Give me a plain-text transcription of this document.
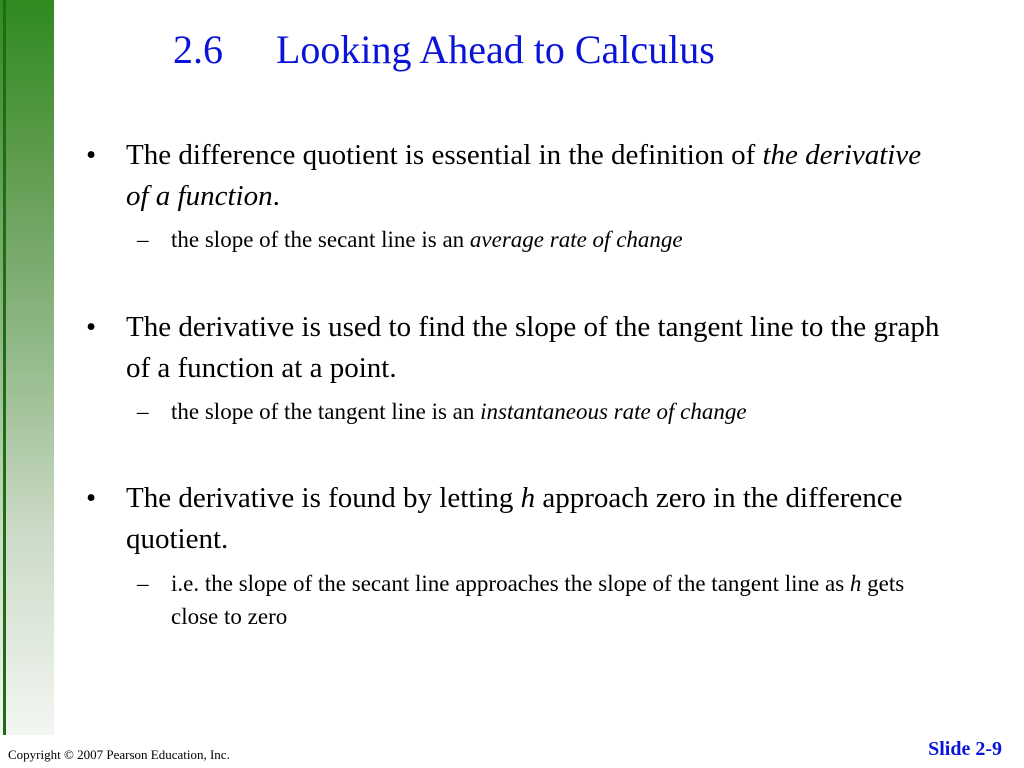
2.6 Looking Ahead to Calculus
• The difference quotient is essential in the definition of the derivative of a function.
– the slope of the secant line is an average rate of change
• The derivative is used to find the slope of the tangent line to the graph of a function at a point.
– the slope of the tangent line is an instantaneous rate of change
• The derivative is found by letting h approach zero in the difference quotient.
– i.e. the slope of the secant line approaches the slope of the tangent line as h gets close to zero
Copyright © 2007 Pearson Education, Inc.	Slide 2-9
